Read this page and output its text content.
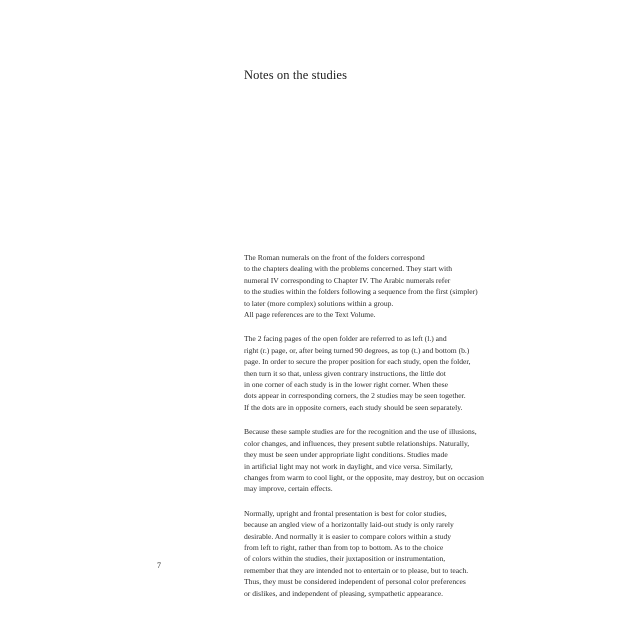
Notes on the studies

The Roman numerals on the front of the folders correspond
to the chapters dealing with the problems concerned. They start with
numeral IV corresponding to Chapter IV. The Arabic numerals refer
to the studies within the folders following a sequence from the first (simpler)
to later (more complex) solutions within a group.
All page references are to the Text Volume.

The 2 facing pages of the open folder are referred to as left (l.) and
right (r.) page, or, after being turned 90 degrees, as top (t.) and bottom (b.)
page. In order to secure the proper position for each study, open the folder,
then turn it so that, unless given contrary instructions, the little dot
in one corner of each study is in the lower right corner. When these
dots appear in corresponding corners, the 2 studies may be seen together.
If the dots are in opposite corners, each study should be seen separately.

Because these sample studies are for the recognition and the use of illusions,
color changes, and influences, they present subtle relationships. Naturally,
they must be seen under appropriate light conditions. Studies made
in artificial light may not work in daylight, and vice versa. Similarly,
changes from warm to cool light, or the opposite, may destroy, but on occasion
may improve, certain effects.

Normally, upright and frontal presentation is best for color studies,
because an angled view of a horizontally laid-out study is only rarely
desirable. And normally it is easier to compare colors within a study
from left to right, rather than from top to bottom. As to the choice
of colors within the studies, their juxtaposition or instrumentation,
remember that they are intended not to entertain or to please, but to teach.
Thus, they must be considered independent of personal color preferences
or dislikes, and independent of pleasing, sympathetic appearance.

7
